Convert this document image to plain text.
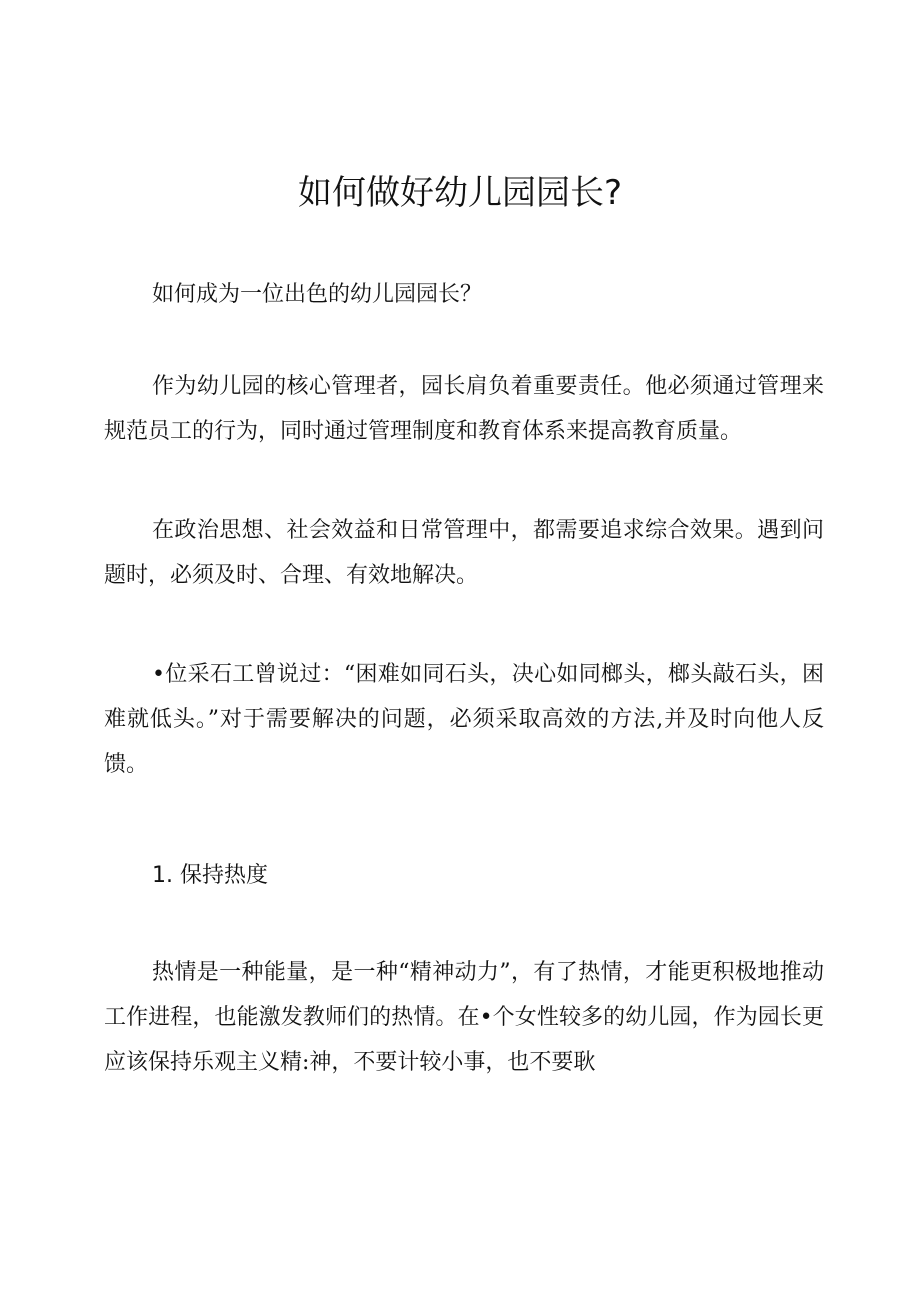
如何做好幼儿园园长?

如何成为一位出色的幼儿园园长？

作为幼儿园的核心管理者，园长肩负着重要责任。他必须通过管理来规范员工的行为，同时通过管理制度和教育体系来提高教育质量。

在政治思想、社会效益和日常管理中，都需要追求综合效果。遇到问题时，必须及时、合理、有效地解决。

•位采石工曾说过：“困难如同石头，决心如同榔头，榔头敲石头，困难就低头。”对于需要解决的问题，必须采取高效的方法,并及时向他人反馈。

1. 保持热度

热情是一种能量，是一种“精神动力”，有了热情，才能更积极地推动工作进程，也能激发教师们的热情。在•个女性较多的幼儿园，作为园长更应该保持乐观主义精:神，不要计较小事，也不要耿
